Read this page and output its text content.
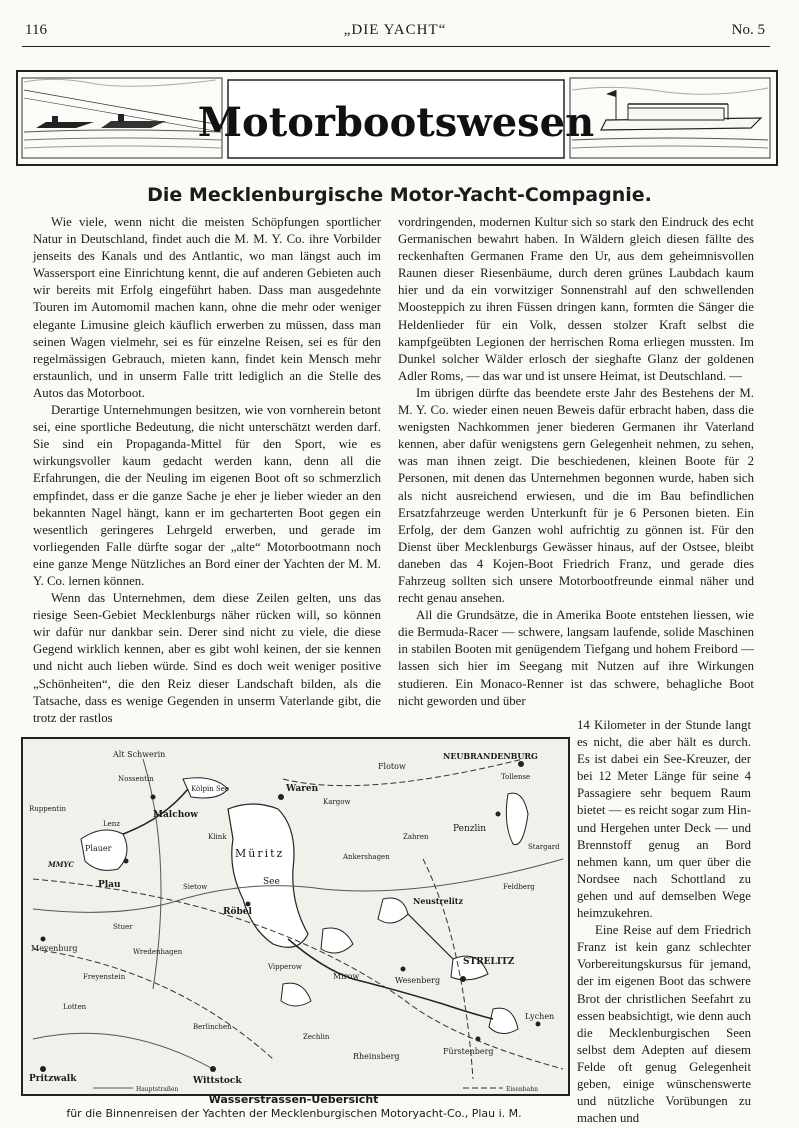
116	„DIE YACHT“	No. 5
Motorbootswesen
Die Mecklenburgische Motor-Yacht-Compagnie.

Wie viele, wenn nicht die meisten Schöpfungen sportlicher Natur in Deutschland, findet auch die M. M. Y. Co. ihre Vorbilder jenseits des Kanals und des Antlantic, wo man längst auch im Wassersport eine Einrichtung kennt, die auf anderen Gebieten auch wir bereits mit Erfolg eingeführt haben. Dass man ausgedehnte Touren im Automomil machen kann, ohne die mehr oder weniger elegante Limusine gleich käuflich erwerben zu müssen, dass man seinen Wagen vielmehr, sei es für einzelne Reisen, sei es für den regelmässigen Gebrauch, mieten kann, findet kein Mensch mehr erstaunlich, und in unserm Falle tritt lediglich an die Stelle des Autos das Motorboot.

Derartige Unternehmungen besitzen, wie von vornherein betont sei, eine sportliche Bedeutung, die nicht unterschätzt werden darf. Sie sind ein Propaganda-Mittel für den Sport, wie es wirkungsvoller kaum gedacht werden kann, denn all die Erfahrungen, die der Neuling im eigenen Boot oft so schmerzlich empfindet, dass er die ganze Sache je eher je lieber wieder an den bekannten Nagel hängt, kann er im gecharterten Boot gegen ein wesentlich geringeres Lehrgeld erwerben, und gerade im vorliegenden Falle dürfte sogar der „alte“ Motorbootmann noch eine ganze Menge Nützliches an Bord einer der Yachten der M. M. Y. Co. lernen können.

Wenn das Unternehmen, dem diese Zeilen gelten, uns das riesige Seen-Gebiet Mecklenburgs näher rücken will, so können wir dafür nur dankbar sein. Derer sind nicht zu viele, die diese Gegend wirklich kennen, aber es gibt wohl keinen, der sie kennen und nicht auch lieben würde. Sind es doch weit weniger positive „Schönheiten“, die den Reiz dieser Landschaft bilden, als die Tatsache, dass es wenige Gegenden in unserm Vaterlande gibt, die trotz der rastlos

vordringenden, modernen Kultur sich so stark den Eindruck des echt Germanischen bewahrt haben. In Wäldern gleich diesen fällte des reckenhaften Germanen Frame den Ur, aus dem geheimnisvollen Raunen dieser Riesenbäume, durch deren grünes Laubdach kaum hier und da ein vorwitziger Sonnenstrahl auf den schwellenden Moosteppich zu ihren Füssen dringen kann, formten die Sänger die Heldenlieder für ein Volk, dessen stolzer Kraft selbst die kampfgeübten Legionen der herrischen Roma erliegen mussten. Im Dunkel solcher Wälder erlosch der sieghafte Glanz der goldenen Adler Roms, — das war und ist unsere Heimat, ist Deutschland. —

Im übrigen dürfte das beendete erste Jahr des Bestehens der M. M. Y. Co. wieder einen neuen Beweis dafür erbracht haben, dass die wenigsten Nachkommen jener biederen Germanen ihr Vaterland kennen, aber dafür wenigstens gern Gelegenheit nehmen, zu sehen, was man ihnen zeigt. Die beschiedenen, kleinen Boote für 2 Personen, mit denen das Unternehmen begonnen wurde, haben sich als nicht ausreichend erwiesen, und die im Bau befindlichen Ersatzfahrzeuge werden Unterkunft für je 6 Personen bieten. Ein Erfolg, der dem Ganzen wohl aufrichtig zu gönnen ist. Für den Dienst über Mecklenburgs Gewässer hinaus, auf der Ostsee, bleibt daneben das 4 Kojen-Boot Friedrich Franz, und gerade dies Fahrzeug sollten sich unsere Motorbootfreunde einmal näher und recht genau ansehen.

All die Grundsätze, die in Amerika Boote entstehen liessen, wie die Bermuda-Racer — schwere, langsam laufende, solide Maschinen in stabilen Booten mit genügendem Tiefgang und hohem Freibord — lassen sich hier im Seegang mit Nutzen auf ihre Wirkungen studieren. Ein Monaco-Renner ist das schwere, behagliche Boot nicht geworden und über

14 Kilometer in der Stunde langt es nicht, die aber hält es durch. Es ist dabei ein See-Kreuzer, der bei 12 Meter Länge für seine 4 Passagiere sehr bequem Raum bietet — es reicht sogar zum Hin- und Hergehen unter Deck — und Brennstoff genug an Bord nehmen kann, um quer über die Nordsee nach Schottland zu gehen und auf demselben Wege heimzukehren.

Eine Reise auf dem Friedrich Franz ist kein ganz schlechter Vorbereitungskursus für jemand, der im eigenen Boot das schwere Brot der christlichen Seefahrt zu essen beabsichtigt, wie denn auch die Mecklenburgischen Seen selbst dem Adepten auf diesem Felde oft genug Gelegenheit geben, einige wünschenswerte und nützliche Vorübungen zu machen und

Alt Schwerin
Flotow
NEUBRANDENBURG
Nossentin
Waren
Kargow
Zahren
Penzlin
Tollense
Stargard
Ruppentin
Plauer
Malchow
Kölpin See
Klink
See
Müritz
Plau
Lenz
MMYC
Stuer
Röbel
Mirow	Wesenberg
Neustrelitz
STRELITZ
Meyenburg
Freyenstein
Berlinchen
Pritzwalk	Wittstock
Rheinsberg
Fürstenberg
Lychen
Zechlin
Lotten
Wredenhagen
Vipperow
Ankershagen
Feldberg
Sietow
Hauptstraßen	Eisenbahn
Wasserstrassen-Uebersicht
für die Binnenreisen der Yachten der Mecklenburgischen Motoryacht-Co., Plau i. M.
